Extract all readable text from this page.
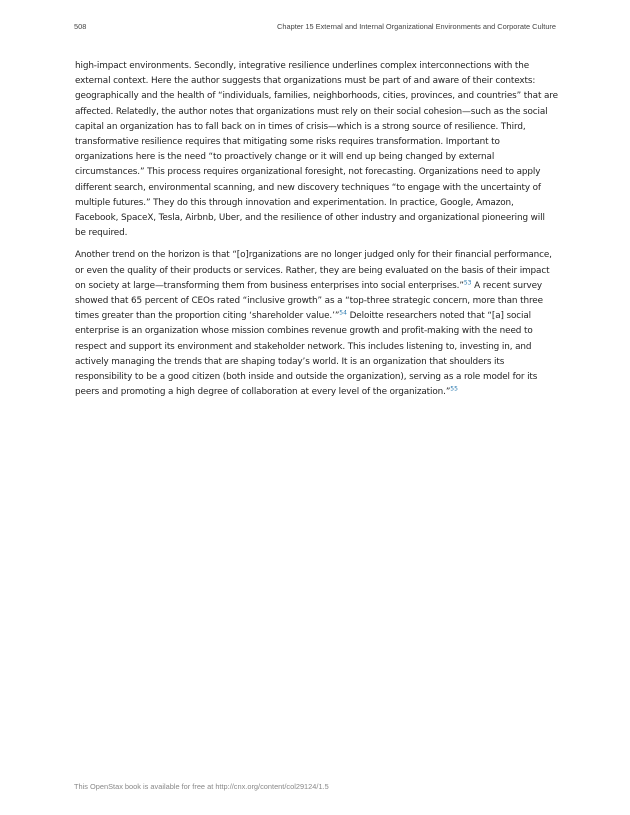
508	Chapter 15 External and Internal Organizational Environments and Corporate Culture

high-impact environments. Secondly, integrative resilience underlines complex interconnections with the external context. Here the author suggests that organizations must be part of and aware of their contexts: geographically and the health of “individuals, families, neighborhoods, cities, provinces, and countries” that are affected. Relatedly, the author notes that organizations must rely on their social cohesion—such as the social capital an organization has to fall back on in times of crisis—which is a strong source of resilience. Third, transformative resilience requires that mitigating some risks requires transformation. Important to organizations here is the need “to proactively change or it will end up being changed by external circumstances.” This process requires organizational foresight, not forecasting. Organizations need to apply different search, environmental scanning, and new discovery techniques “to engage with the uncertainty of multiple futures.” They do this through innovation and experimentation. In practice, Google, Amazon, Facebook, SpaceX, Tesla, Airbnb, Uber, and the resilience of other industry and organizational pioneering will be required.

Another trend on the horizon is that “[o]rganizations are no longer judged only for their financial performance, or even the quality of their products or services. Rather, they are being evaluated on the basis of their impact on society at large—transforming them from business enterprises into social enterprises.”$^{53}$ A recent survey showed that 65 percent of CEOs rated “inclusive growth” as a “top-three strategic concern, more than three times greater than the proportion citing ‘shareholder value.’”$^{54}$ Deloitte researchers noted that “[a] social enterprise is an organization whose mission combines revenue growth and profit-making with the need to respect and support its environment and stakeholder network. This includes listening to, investing in, and actively managing the trends that are shaping today’s world. It is an organization that shoulders its responsibility to be a good citizen (both inside and outside the organization), serving as a role model for its peers and promoting a high degree of collaboration at every level of the organization.”$^{55}$

This OpenStax book is available for free at http://cnx.org/content/col29124/1.5
